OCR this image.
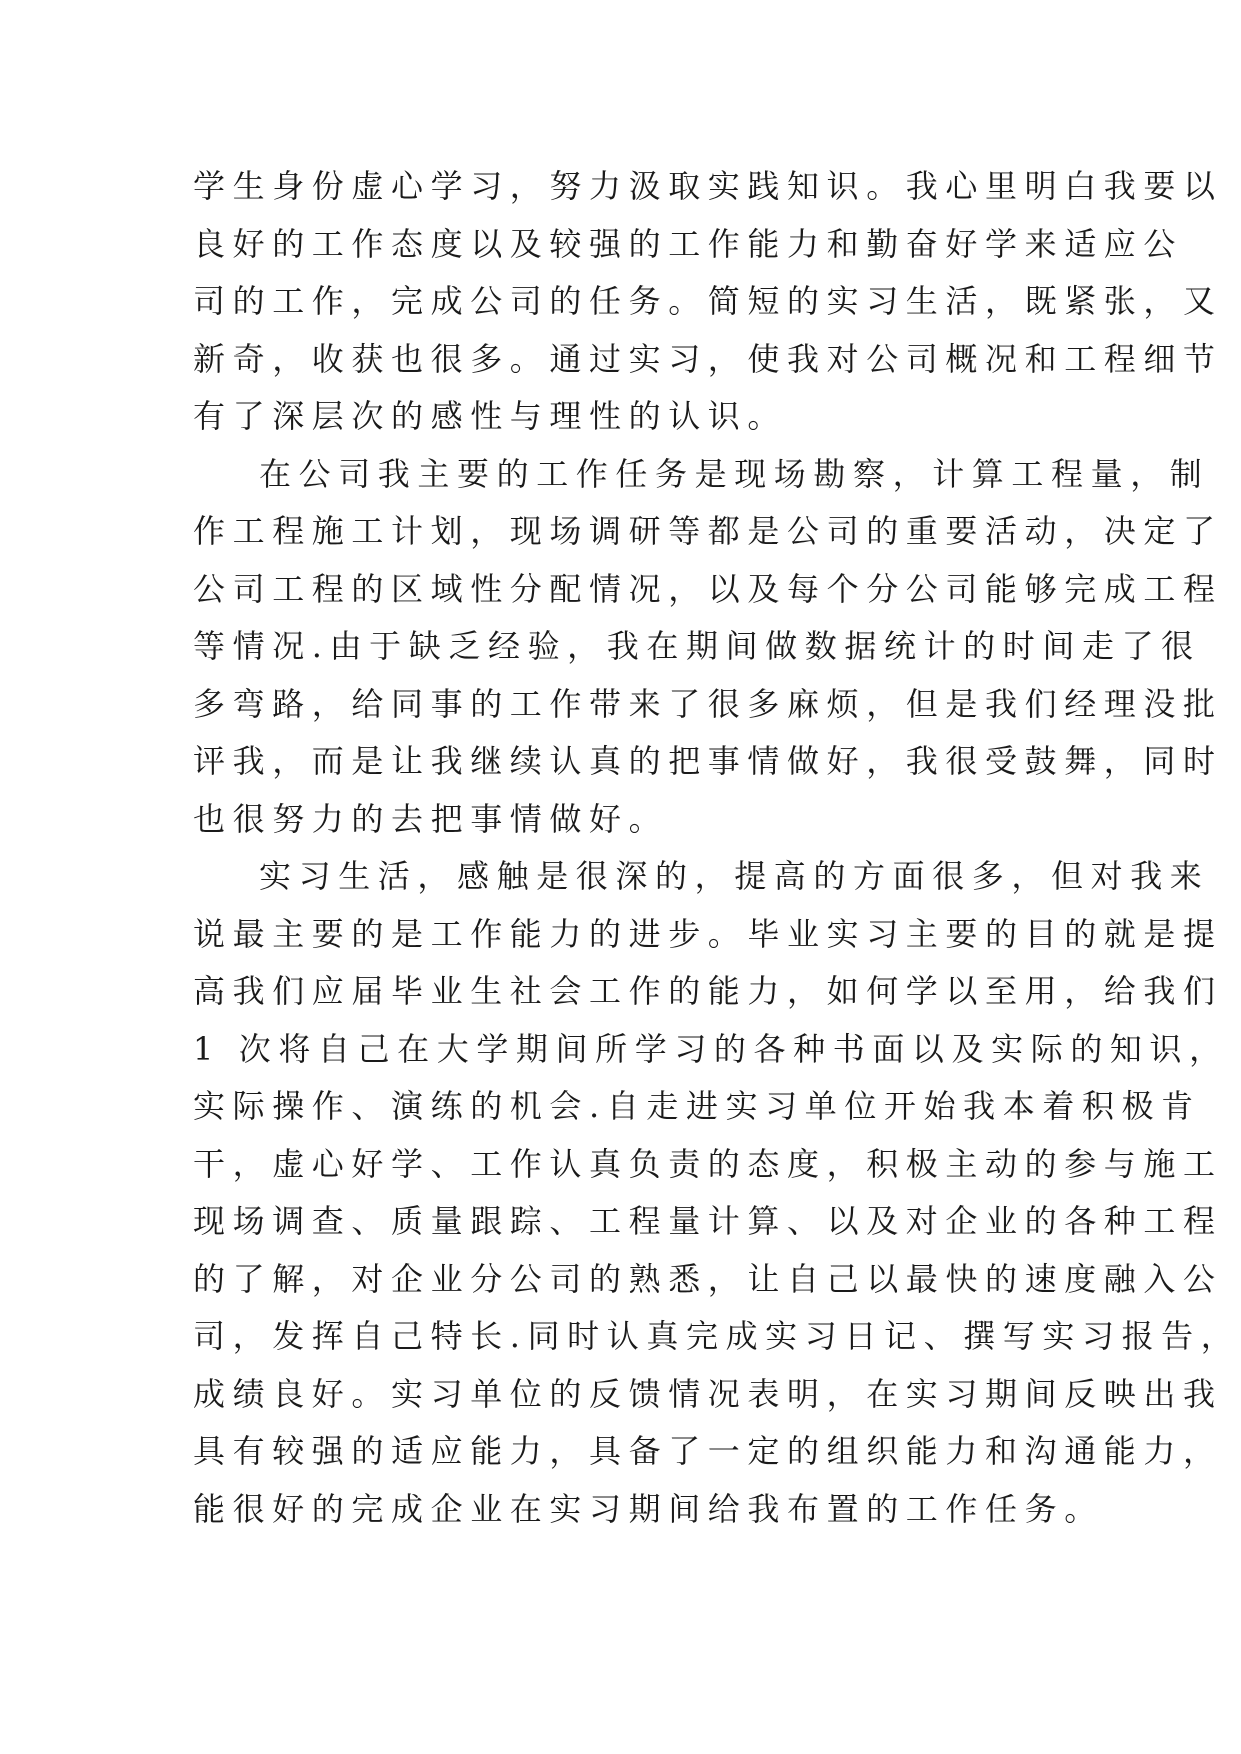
学生身份虚心学习，努力汲取实践知识。我心里明白我要以
良好的工作态度以及较强的工作能力和勤奋好学来适应公
司的工作，完成公司的任务。简短的实习生活，既紧张，又
新奇，收获也很多。通过实习，使我对公司概况和工程细节
有了深层次的感性与理性的认识。
在公司我主要的工作任务是现场勘察，计算工程量，制
作工程施工计划，现场调研等都是公司的重要活动，决定了
公司工程的区域性分配情况，以及每个分公司能够完成工程
等情况.由于缺乏经验，我在期间做数据统计的时间走了很
多弯路，给同事的工作带来了很多麻烦，但是我们经理没批
评我，而是让我继续认真的把事情做好，我很受鼓舞，同时
也很努力的去把事情做好。
实习生活，感触是很深的，提高的方面很多，但对我来
说最主要的是工作能力的进步。毕业实习主要的目的就是提
高我们应届毕业生社会工作的能力，如何学以至用，给我们
1 次将自己在大学期间所学习的各种书面以及实际的知识，
实际操作、演练的机会.自走进实习单位开始我本着积极肯
干，虚心好学、工作认真负责的态度，积极主动的参与施工
现场调查、质量跟踪、工程量计算、以及对企业的各种工程
的了解，对企业分公司的熟悉，让自己以最快的速度融入公
司，发挥自己特长.同时认真完成实习日记、撰写实习报告，
成绩良好。实习单位的反馈情况表明，在实习期间反映出我
具有较强的适应能力，具备了一定的组织能力和沟通能力，
能很好的完成企业在实习期间给我布置的工作任务。
